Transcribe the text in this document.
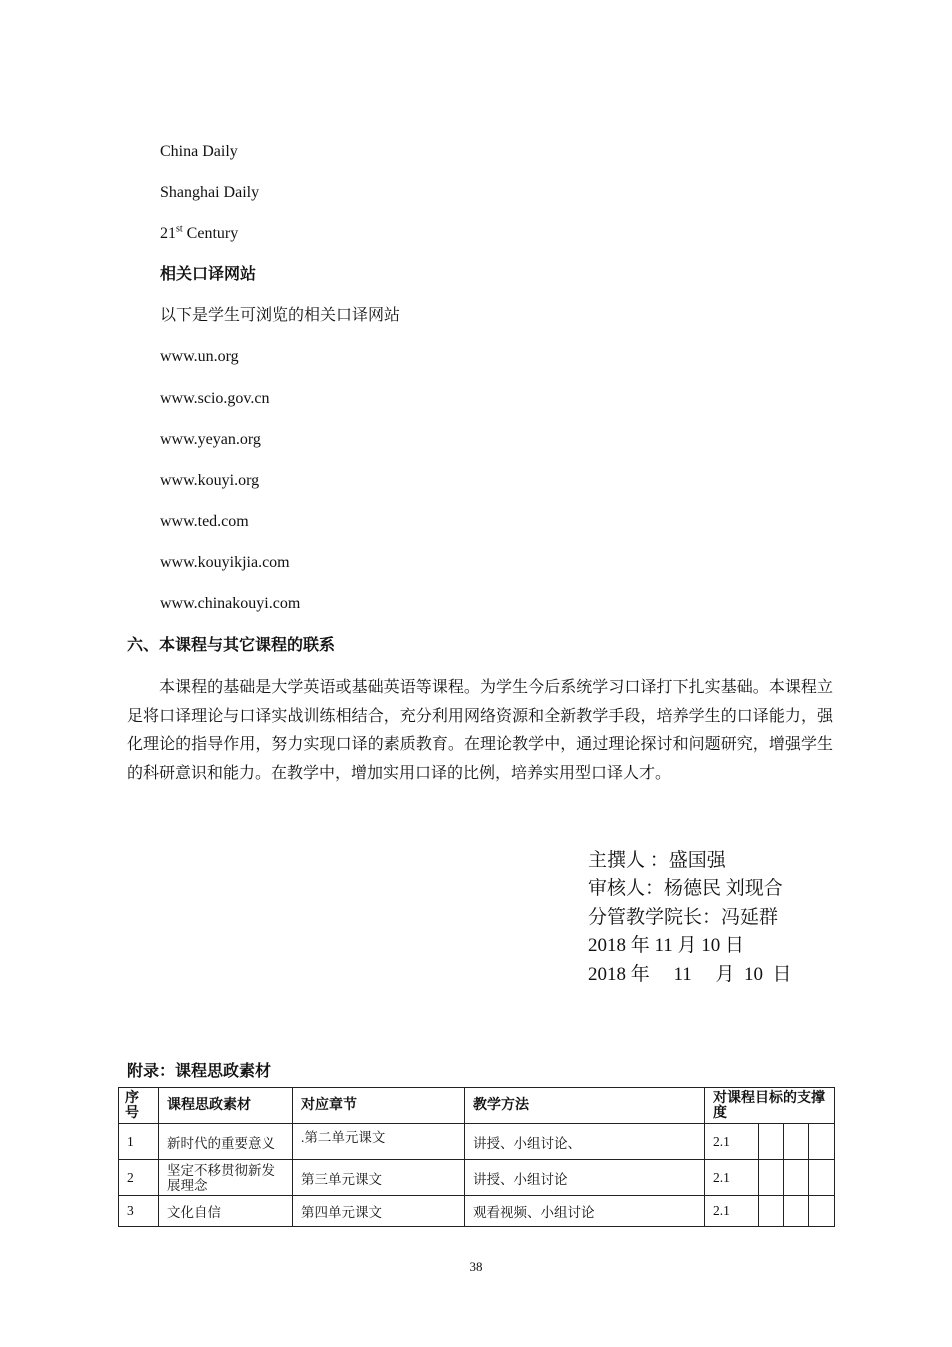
China Daily
Shanghai Daily
21st Century
相关口译网站
以下是学生可浏览的相关口译网站
www.un.org
www.scio.gov.cn
www.yeyan.org
www.kouyi.org
www.ted.com
www.kouyikjia.com
www.chinakouyi.com
六、本课程与其它课程的联系
本课程的基础是大学英语或基础英语等课程。为学生今后系统学习口译打下扎实基础。本课程立足将口译理论与口译实战训练相结合，充分利用网络资源和全新教学手段，培养学生的口译能力，强化理论的指导作用，努力实现口译的素质教育。在理论教学中，通过理论探讨和问题研究，增强学生的科研意识和能力。在教学中，增加实用口译的比例，培养实用型口译人才。
主撰人 ：盛国强
审核人：杨德民 刘现合
分管教学院长：冯延群
2018 年 11 月 10 日
2018 年　 11 　月  10  日
附录：课程思政素材
序号	课程思政素材	对应章节	教学方法	对课程目标的支撑度			
1	新时代的重要意义	.第二单元课文	讲授、小组讨论、	2.1			
2	坚定不移贯彻新发展理念	第三单元课文	讲授、小组讨论	2.1			
3	文化自信	第四单元课文	观看视频、小组讨论	2.1			
38
